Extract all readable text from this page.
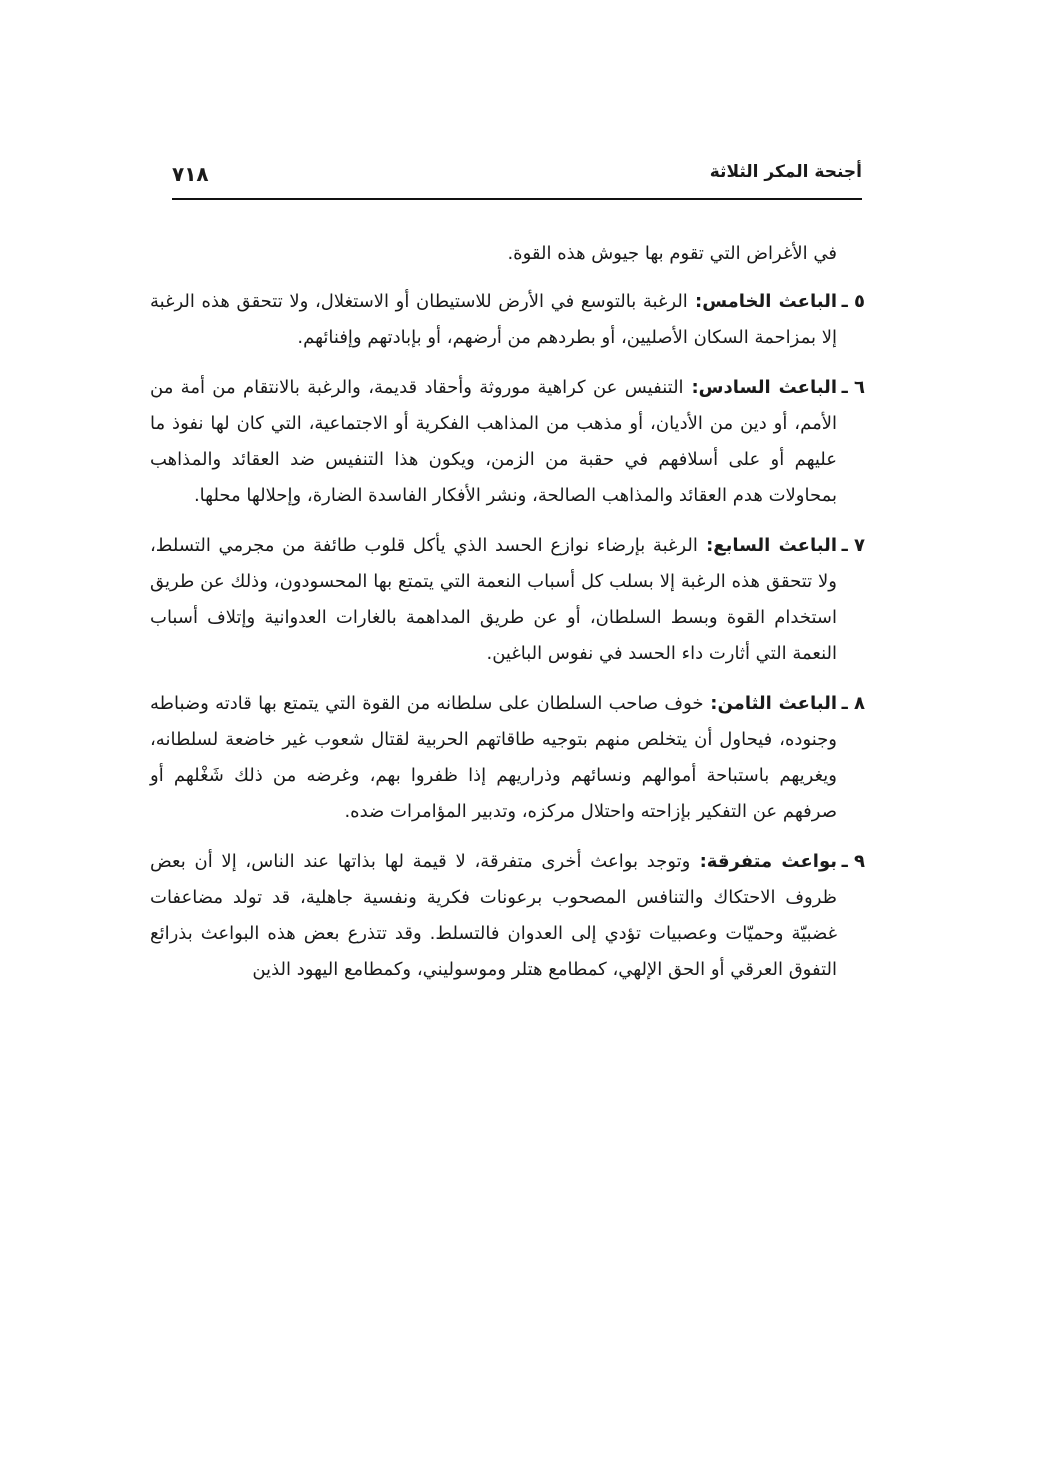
أجنحة المكر الثلاثة
٧١٨

في الأغراض التي تقوم بها جيوش هذه القوة.

٥ ـ
الباعث الخامس: الرغبة بالتوسع في الأرض للاستيطان أو الاستغلال، ولا تتحقق هذه الرغبة إلا بمزاحمة السكان الأصليين، أو بطردهم من أرضهم، أو بإبادتهم وإفنائهم.
٦ ـ
الباعث السادس: التنفيس عن كراهية موروثة وأحقاد قديمة، والرغبة بالانتقام من أمة من الأمم، أو دين من الأديان، أو مذهب من المذاهب الفكرية أو الاجتماعية، التي كان لها نفوذ ما عليهم أو على أسلافهم في حقبة من الزمن، ويكون هذا التنفيس ضد العقائد والمذاهب بمحاولات هدم العقائد والمذاهب الصالحة، ونشر الأفكار الفاسدة الضارة، وإحلالها محلها.
٧ ـ
الباعث السابع: الرغبة بإرضاء نوازع الحسد الذي يأكل قلوب طائفة من مجرمي التسلط، ولا تتحقق هذه الرغبة إلا بسلب كل أسباب النعمة التي يتمتع بها المحسودون، وذلك عن طريق استخدام القوة وبسط السلطان، أو عن طريق المداهمة بالغارات العدوانية وإتلاف أسباب النعمة التي أثارت داء الحسد في نفوس الباغين.
٨ ـ
الباعث الثامن: خوف صاحب السلطان على سلطانه من القوة التي يتمتع بها قادته وضباطه وجنوده، فيحاول أن يتخلص منهم بتوجيه طاقاتهم الحربية لقتال شعوب غير خاضعة لسلطانه، ويغريهم باستباحة أموالهم ونسائهم وذراريهم إذا ظفروا بهم، وغرضه من ذلك شَغْلهم أو صرفهم عن التفكير بإزاحته واحتلال مركزه، وتدبير المؤامرات ضده.
٩ ـ
بواعث متفرقة: وتوجد بواعث أخرى متفرقة، لا قيمة لها بذاتها عند الناس، إلا أن بعض ظروف الاحتكاك والتنافس المصحوب برعونات فكرية ونفسية جاهلية، قد تولد مضاعفات غضبيّة وحميّات وعصبيات تؤدي إلى العدوان فالتسلط. وقد تتذرع بعض هذه البواعث بذرائع التفوق العرقي أو الحق الإلهي، كمطامع هتلر وموسوليني، وكمطامع اليهود الذين
